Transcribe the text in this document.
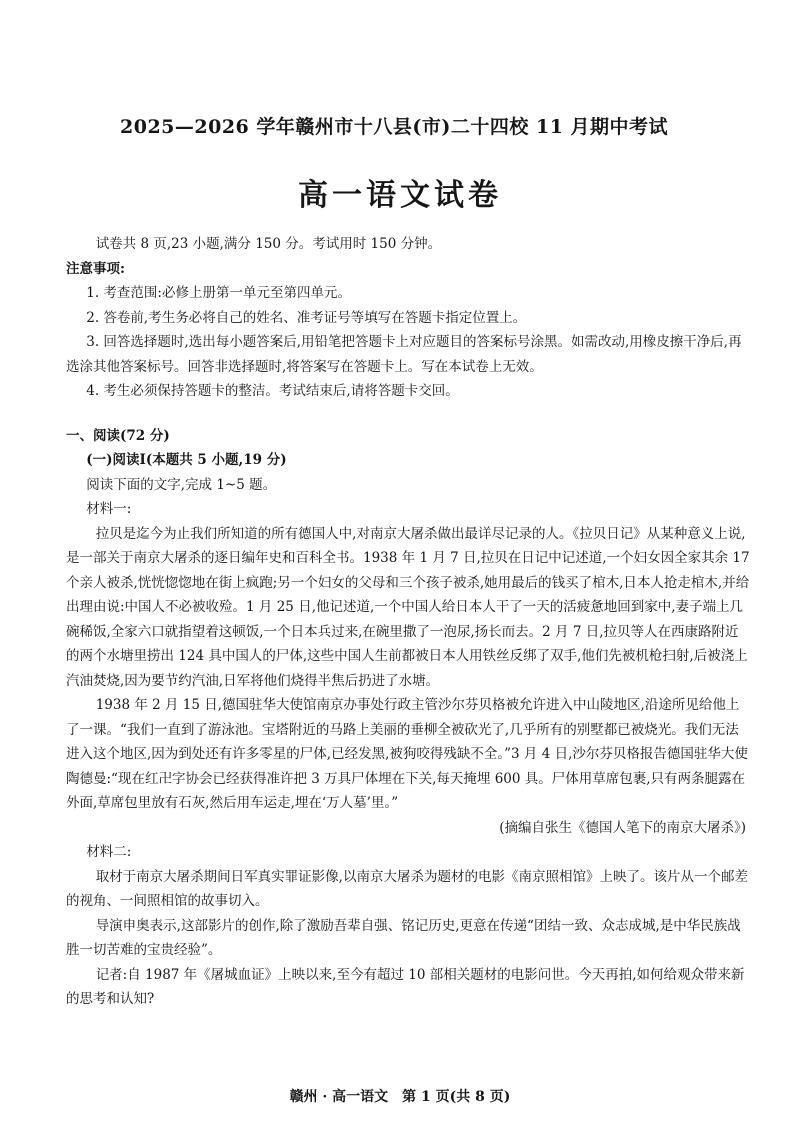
2025—2026 学年赣州市十八县(市)二十四校 11 月期中考试
高一语文试卷

试卷共 8 页,23 小题,满分 150 分。考试用时 150 分钟。

注意事项:

1. 考查范围:必修上册第一单元至第四单元。

2. 答卷前,考生务必将自己的姓名、准考证号等填写在答题卡指定位置上。

3. 回答选择题时,选出每小题答案后,用铅笔把答题卡上对应题目的答案标号涂黑。如需改动,用橡皮擦干净后,再选涂其他答案标号。回答非选择题时,将答案写在答题卡上。写在本试卷上无效。

4. 考生必须保持答题卡的整洁。考试结束后,请将答题卡交回。

一、阅读(72 分)

(一)阅读Ⅰ(本题共 5 小题,19 分)

阅读下面的文字,完成 1~5 题。

材料一:

拉贝是迄今为止我们所知道的所有德国人中,对南京大屠杀做出最详尽记录的人。《拉贝日记》从某种意义上说,是一部关于南京大屠杀的逐日编年史和百科全书。1938 年 1 月 7 日,拉贝在日记中记述道,一个妇女因全家其余 17 个亲人被杀,恍恍惚惚地在街上疯跑;另一个妇女的父母和三个孩子被杀,她用最后的钱买了棺木,日本人抢走棺木,并给出理由说:中国人不必被收殓。1 月 25 日,他记述道,一个中国人给日本人干了一天的活疲惫地回到家中,妻子端上几碗稀饭,全家六口就指望着这顿饭,一个日本兵过来,在碗里撒了一泡尿,扬长而去。2 月 7 日,拉贝等人在西康路附近的两个水塘里捞出 124 具中国人的尸体,这些中国人生前都被日本人用铁丝反绑了双手,他们先被机枪扫射,后被浇上汽油焚烧,因为要节约汽油,日军将他们烧得半焦后扔进了水塘。

1938 年 2 月 15 日,德国驻华大使馆南京办事处行政主管沙尔芬贝格被允许进入中山陵地区,沿途所见给他上了一课。“我们一直到了游泳池。宝塔附近的马路上美丽的垂柳全被砍光了,几乎所有的别墅都已被烧光。我们无法进入这个地区,因为到处还有许多零星的尸体,已经发黑,被狗咬得残缺不全。”3 月 4 日,沙尔芬贝格报告德国驻华大使陶德曼:“现在红卍字协会已经获得准许把 3 万具尸体埋在下关,每天掩埋 600 具。尸体用草席包裹,只有两条腿露在外面,草席包里放有石灰,然后用车运走,埋在‘万人墓’里。”

(摘编自张生《德国人笔下的南京大屠杀》)

材料二:

取材于南京大屠杀期间日军真实罪证影像,以南京大屠杀为题材的电影《南京照相馆》上映了。该片从一个邮差的视角、一间照相馆的故事切入。

导演申奥表示,这部影片的创作,除了激励吾辈自强、铭记历史,更意在传递“团结一致、众志成城,是中华民族战胜一切苦难的宝贵经验”。

记者:自 1987 年《屠城血证》上映以来,至今有超过 10 部相关题材的电影问世。今天再拍,如何给观众带来新的思考和认知?

赣州 · 高一语文　第 1 页(共 8 页)
